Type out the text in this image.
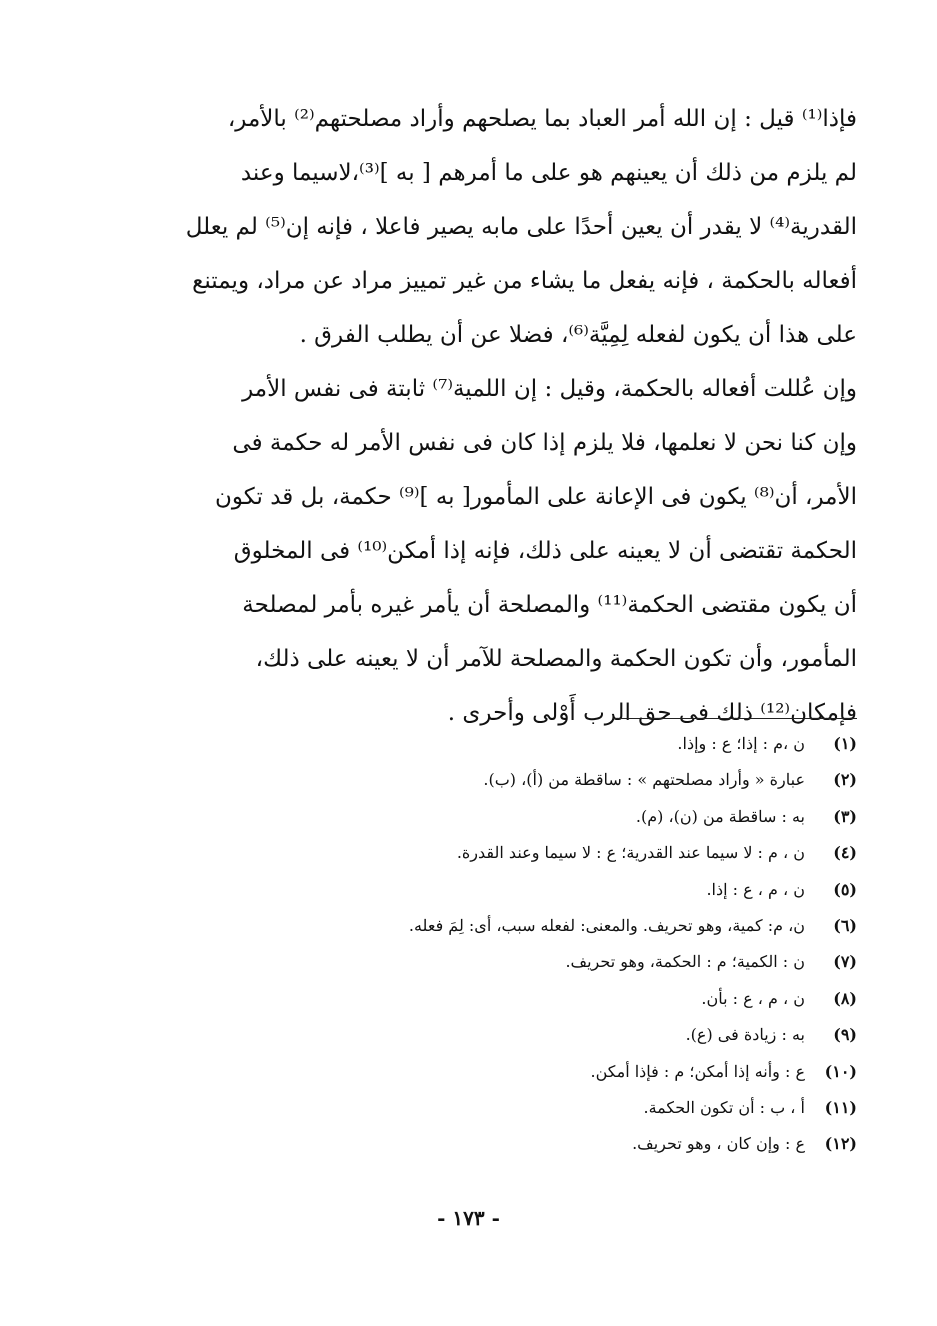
فإذا⁽¹⁾ قيل : إن الله أمر العباد بما يصلحهم وأراد مصلحتهم⁽²⁾ بالأمر،
لم يلزم من ذلك أن يعينهم هو على ما أمرهم [ به ]⁽³⁾،لاسيما وعند
القدرية⁽⁴⁾ لا يقدر أن يعين أحدًا على مابه يصير فاعلا ، فإنه إن⁽⁵⁾ لم يعلل
أفعاله بالحكمة ، فإنه يفعل ما يشاء من غير تمييز مراد عن مراد، ويمتنع
على هذا أن يكون لفعله لِمِيَّة⁽⁶⁾، فضلا عن أن يطلب الفرق .
وإن عُللت أفعاله بالحكمة، وقيل : إن اللمية⁽⁷⁾ ثابتة فى نفس الأمر
وإن كنا نحن لا نعلمها، فلا يلزم إذا كان فى نفس الأمر له حكمة فى
الأمر، أن⁽⁸⁾ يكون فى الإعانة على المأمور[ به ]⁽⁹⁾ حكمة، بل قد تكون
الحكمة تقتضى أن لا يعينه على ذلك، فإنه إذا أمكن⁽¹⁰⁾ فى المخلوق
أن يكون مقتضى الحكمة⁽¹¹⁾ والمصلحة أن يأمر غيره بأمر لمصلحة
المأمور، وأن تكون الحكمة والمصلحة للآمر أن لا يعينه على ذلك،
فإمكان⁽¹²⁾ ذلك فى حق الرب أَوْلى وأحرى .
(١)
ن ،م : إذا؛ ع : وإذا.
(٢)
عبارة « وأراد مصلحتهم » : ساقطة من (أ)، (ب).
(٣)
به : ساقطة من (ن)، (م).
(٤)
ن ، م : لا سيما عند القدرية؛ ع : لا سيما وعند القدرة.
(٥)
ن ، م ، ع : إذا.
(٦)
ن، م: كمية، وهو تحريف. والمعنى: لفعله سبب، أى: لِمَ فعله.
(٧)
ن : الكمية؛ م : الحكمة، وهو تحريف.
(٨)
ن ، م ، ع : بأن.
(٩)
به : زيادة فى (ع).
(١٠)
ع : وأنه إذا أمكن؛ م : فإذا أمكن.
(١١)
أ ، ب : أن تكون الحكمة.
(١٢)
ع : وإن كان ، وهو تحريف.
- ١٧٣ -
